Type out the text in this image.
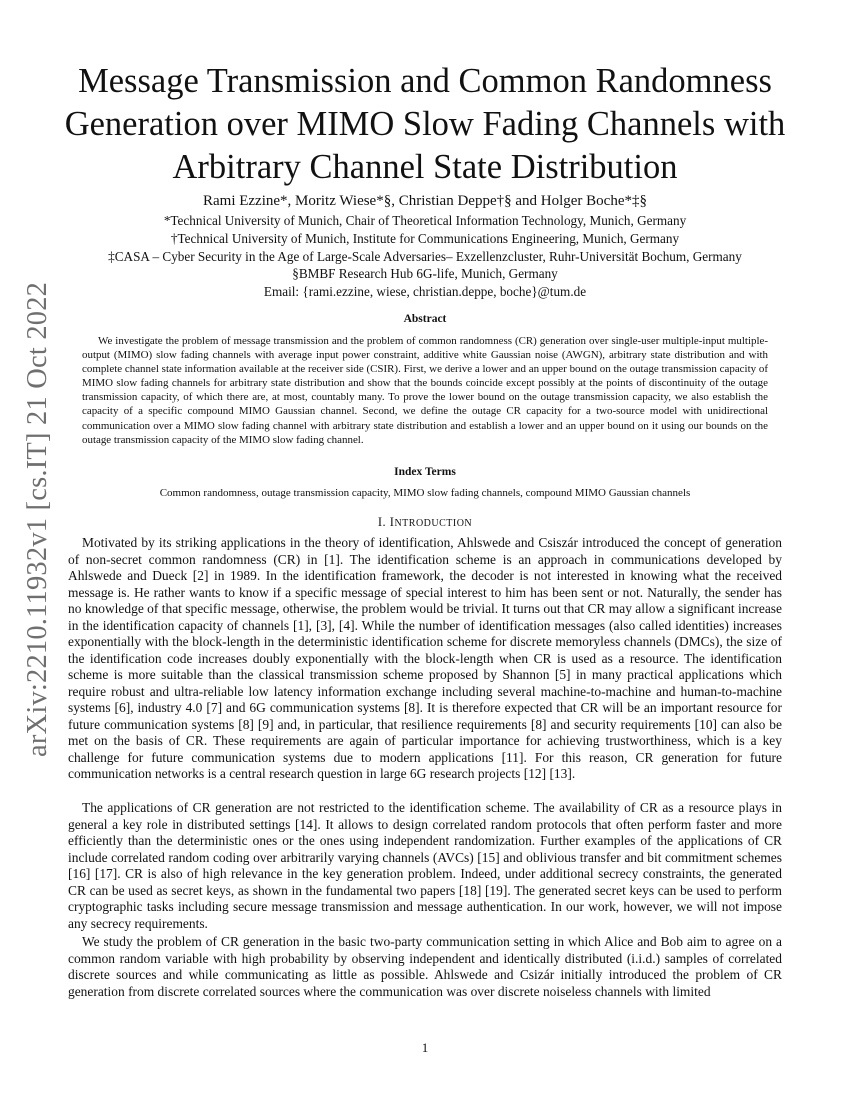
arXiv:2210.11932v1 [cs.IT] 21 Oct 2022
Message Transmission and Common Randomness Generation over MIMO Slow Fading Channels with Arbitrary Channel State Distribution
Rami Ezzine*, Moritz Wiese*§, Christian Deppe†§ and Holger Boche*‡§
*Technical University of Munich, Chair of Theoretical Information Technology, Munich, Germany
†Technical University of Munich, Institute for Communications Engineering, Munich, Germany
‡CASA – Cyber Security in the Age of Large-Scale Adversaries– Exzellenzcluster, Ruhr-Universität Bochum, Germany
§BMBF Research Hub 6G-life, Munich, Germany
Email: {rami.ezzine, wiese, christian.deppe, boche}@tum.de
Abstract
We investigate the problem of message transmission and the problem of common randomness (CR) generation over single-user multiple-input multiple-output (MIMO) slow fading channels with average input power constraint, additive white Gaussian noise (AWGN), arbitrary state distribution and with complete channel state information available at the receiver side (CSIR). First, we derive a lower and an upper bound on the outage transmission capacity of MIMO slow fading channels for arbitrary state distribution and show that the bounds coincide except possibly at the points of discontinuity of the outage transmission capacity, of which there are, at most, countably many. To prove the lower bound on the outage transmission capacity, we also establish the capacity of a specific compound MIMO Gaussian channel. Second, we define the outage CR capacity for a two-source model with unidirectional communication over a MIMO slow fading channel with arbitrary state distribution and establish a lower and an upper bound on it using our bounds on the outage transmission capacity of the MIMO slow fading channel.
Index Terms
Common randomness, outage transmission capacity, MIMO slow fading channels, compound MIMO Gaussian channels
I. INTRODUCTION

Motivated by its striking applications in the theory of identification, Ahlswede and Csiszár introduced the concept of generation of non-secret common randomness (CR) in [1]. The identification scheme is an approach in communications developed by Ahlswede and Dueck [2] in 1989. In the identification framework, the decoder is not interested in knowing what the received message is. He rather wants to know if a specific message of special interest to him has been sent or not. Naturally, the sender has no knowledge of that specific message, otherwise, the problem would be trivial. It turns out that CR may allow a significant increase in the identification capacity of channels [1], [3], [4]. While the number of identification messages (also called identities) increases exponentially with the block-length in the deterministic identification scheme for discrete memoryless channels (DMCs), the size of the identification code increases doubly exponentially with the block-length when CR is used as a resource. The identification scheme is more suitable than the classical transmission scheme proposed by Shannon [5] in many practical applications which require robust and ultra-reliable low latency information exchange including several machine-to-machine and human-to-machine systems [6], industry 4.0 [7] and 6G communication systems [8]. It is therefore expected that CR will be an important resource for future communication systems [8] [9] and, in particular, that resilience requirements [8] and security requirements [10] can also be met on the basis of CR. These requirements are again of particular importance for achieving trustworthiness, which is a key challenge for future communication systems due to modern applications [11]. For this reason, CR generation for future communication networks is a central research question in large 6G research projects [12] [13].

The applications of CR generation are not restricted to the identification scheme. The availability of CR as a resource plays in general a key role in distributed settings [14]. It allows to design correlated random protocols that often perform faster and more efficiently than the deterministic ones or the ones using independent randomization. Further examples of the applications of CR include correlated random coding over arbitrarily varying channels (AVCs) [15] and oblivious transfer and bit commitment schemes [16] [17]. CR is also of high relevance in the key generation problem. Indeed, under additional secrecy constraints, the generated CR can be used as secret keys, as shown in the fundamental two papers [18] [19]. The generated secret keys can be used to perform cryptographic tasks including secure message transmission and message authentication. In our work, however, we will not impose any secrecy requirements.

We study the problem of CR generation in the basic two-party communication setting in which Alice and Bob aim to agree on a common random variable with high probability by observing independent and identically distributed (i.i.d.) samples of correlated discrete sources and while communicating as little as possible. Ahlswede and Csizár initially introduced the problem of CR generation from discrete correlated sources where the communication was over discrete noiseless channels with limited

1
